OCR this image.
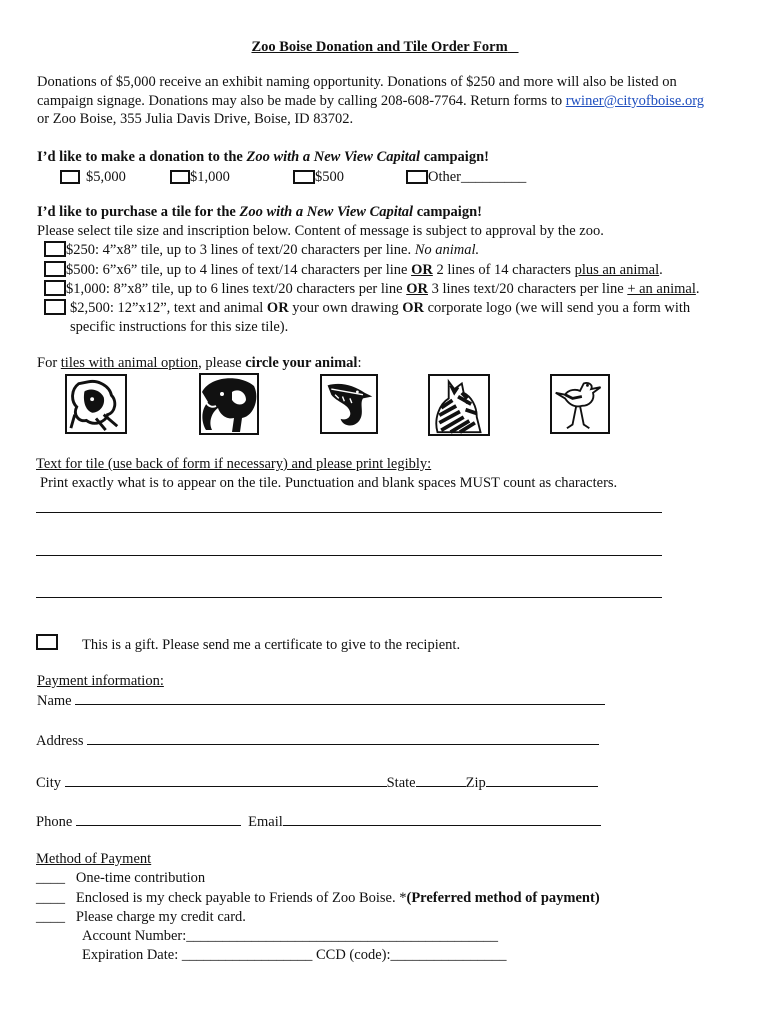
Zoo Boise Donation and Tile Order Form
Donations of $5,000 receive an exhibit naming opportunity. Donations of $250 and more will also be listed on
campaign signage. Donations may also be made by calling 208-608-7764. Return forms to rwiner@cityofboise.org
or Zoo Boise, 355 Julia Davis Drive, Boise, ID 83702.
I’d like to make a donation to the Zoo with a New View Capital campaign!
$5,000	$1,000	$500	Other_________
I’d like to purchase a tile for the Zoo with a New View Capital campaign!
Please select tile size and inscription below. Content of message is subject to approval by the zoo.
$250: 4”x8” tile, up to 3 lines of text/20 characters per line. No animal.
$500: 6”x6” tile, up to 4 lines of text/14 characters per line OR 2 lines of 14 characters plus an animal.
$1,000: 8”x8” tile, up to 6 lines text/20 characters per line OR 3 lines text/20 characters per line + an animal.
$2,500: 12”x12”, text and animal OR your own drawing OR corporate logo (we will send you a form with
specific instructions for this size tile).
For tiles with animal option, please circle your animal:
Text for tile (use back of form if necessary) and please print legibly:
Print exactly what is to appear on the tile. Punctuation and blank spaces MUST count as characters.
This is a gift. Please send me a certificate to give to the recipient.
Payment information:
Name
Address
City	State	Zip
Phone	Email
Method of Payment
____ One-time contribution
____ Enclosed is my check payable to Friends of Zoo Boise. *(Preferred method of payment)
____ Please charge my credit card.
Account Number:___________________________________________
Expiration Date: __________________ CCD (code):________________
